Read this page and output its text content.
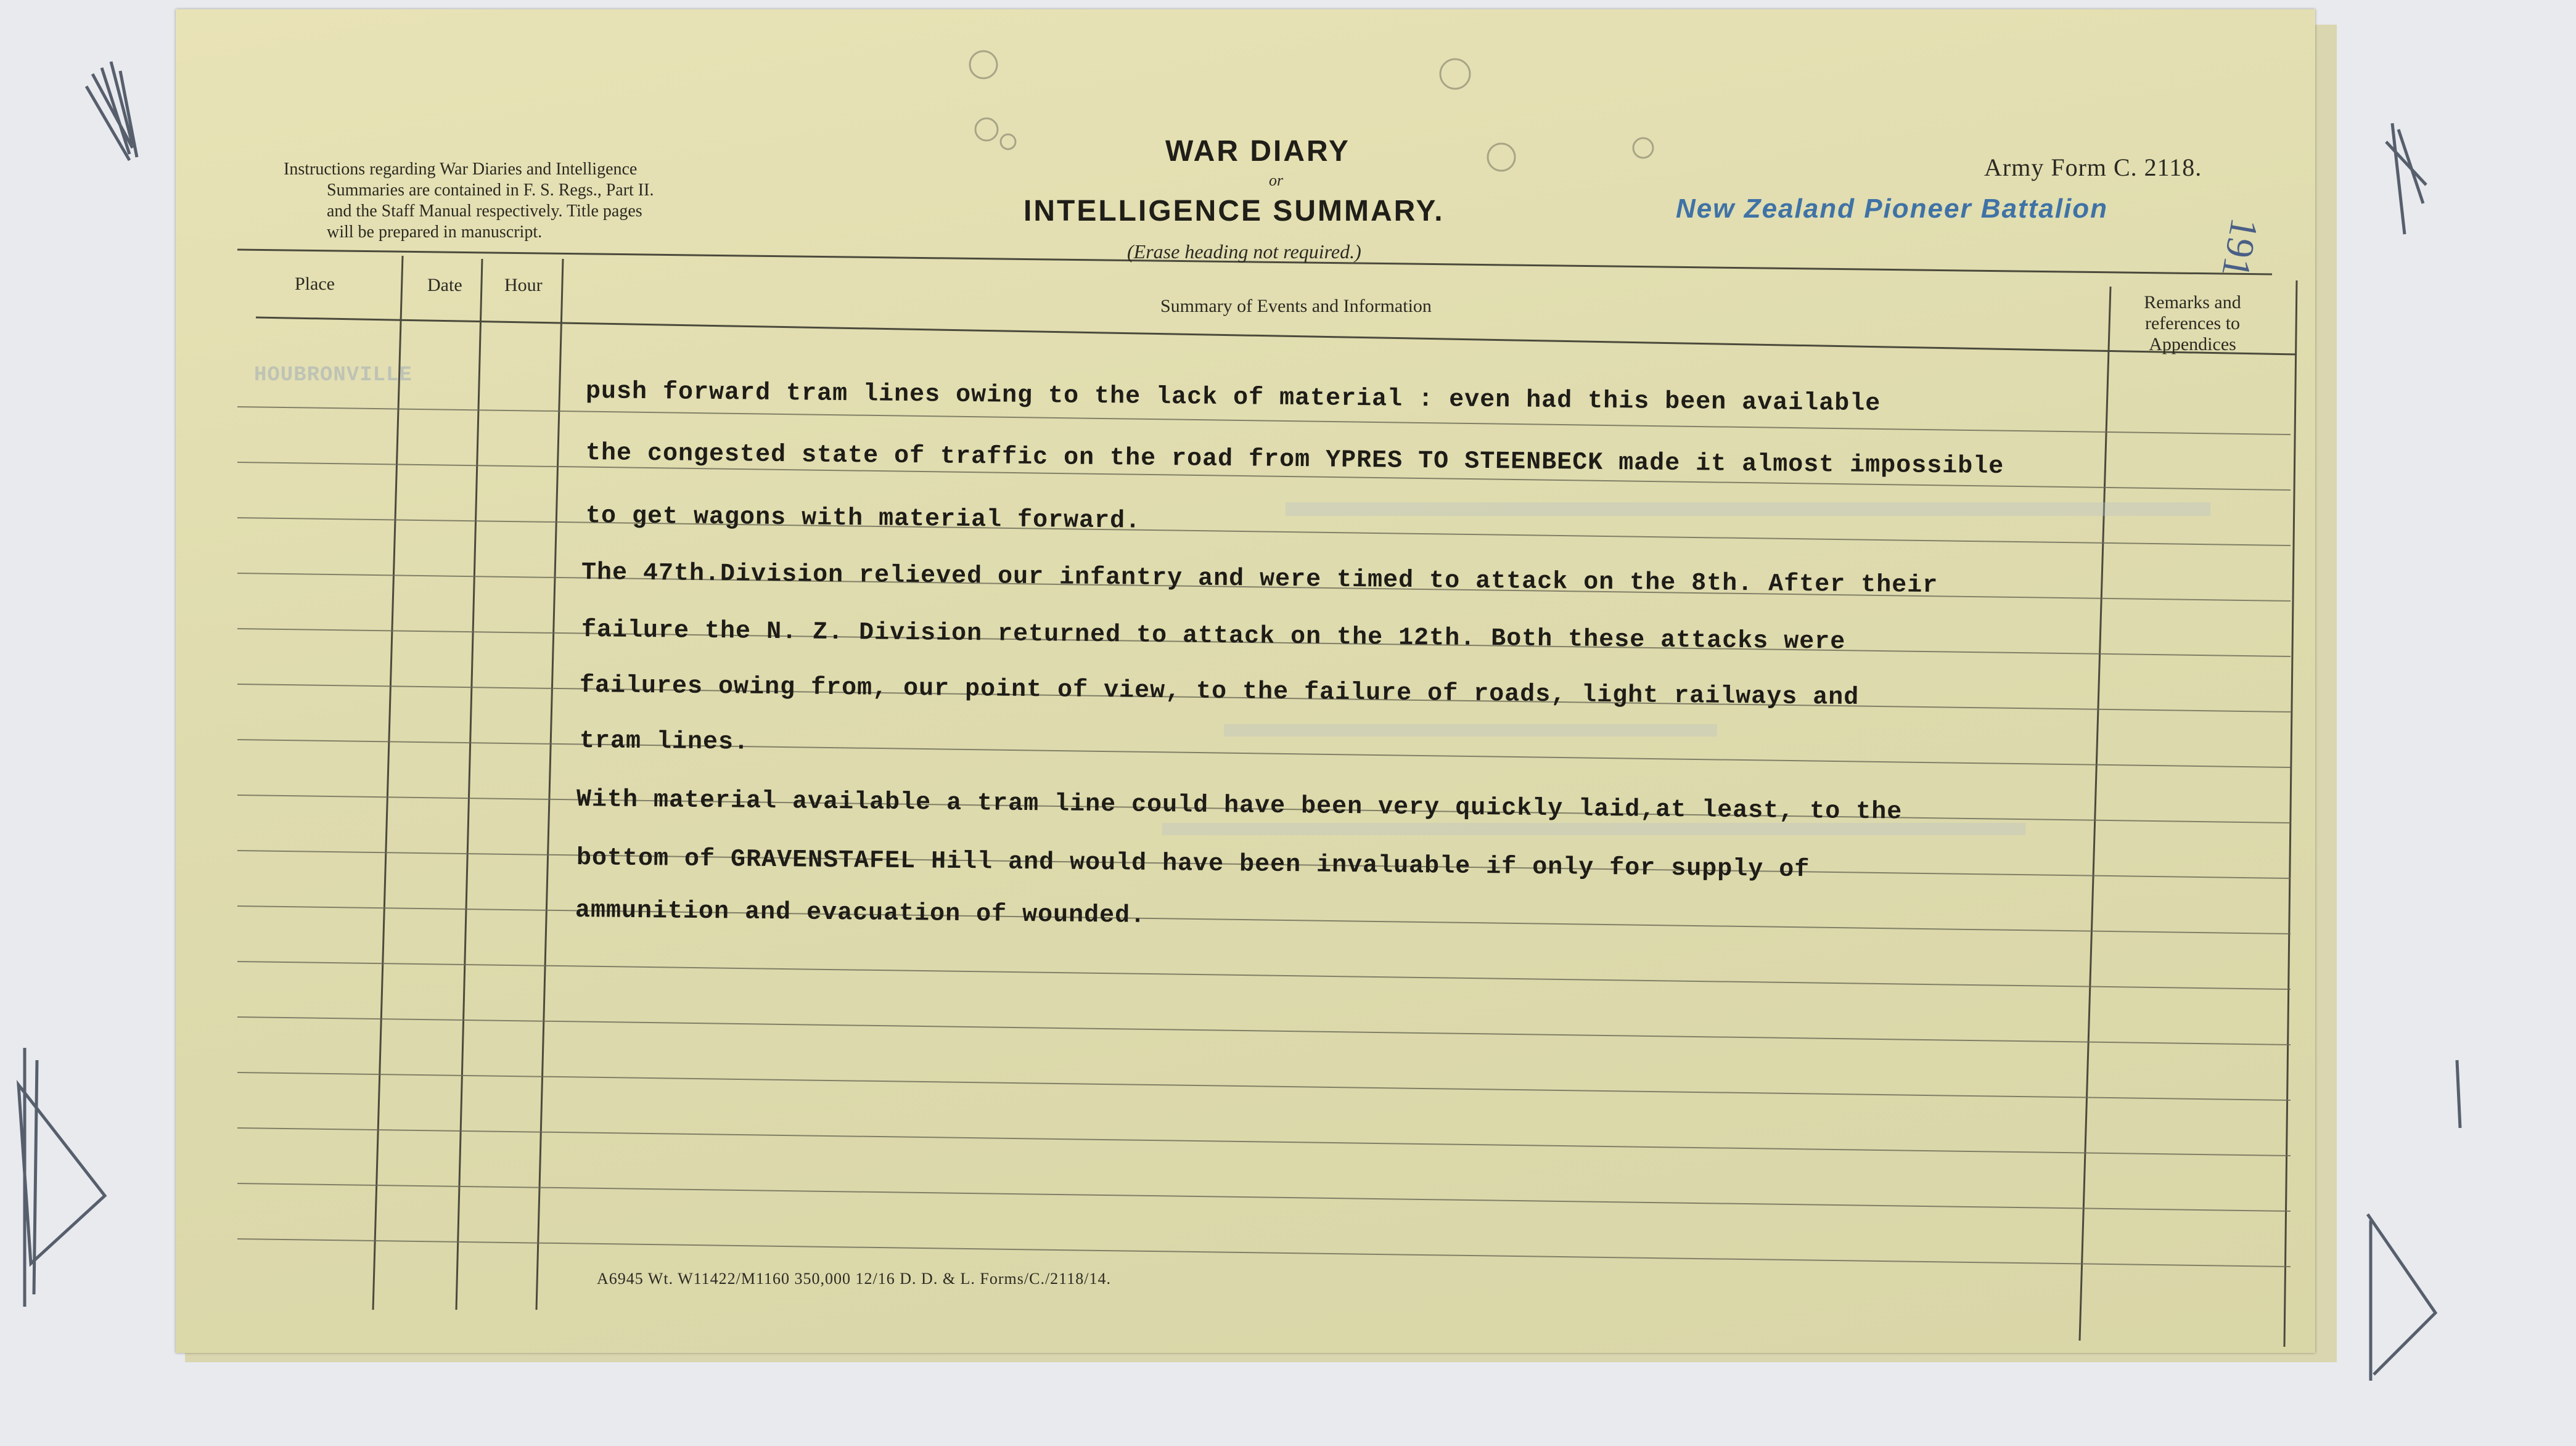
Instructions regarding War Diaries and Intelligence
Summaries are contained in F. S. Regs., Part II.
and the Staff Manual respectively. Title pages
will be prepared in manuscript.
WAR DIARY
or
INTELLIGENCE SUMMARY.
(Erase heading not required.)
Army Form C. 2118.
New Zealand Pioneer Battalion
191
Place	Date Hour
Summary of Events and Information	Remarks and references to Appendices
HOUBRONVILLE
push forward tram lines owing to the lack of material : even had this been available
the congested state of traffic on the road from YPRES TO STEENBECK made it almost impossible
to get wagons with material forward.
The 47th.Division relieved our infantry and were timed to attack on the 8th. After their
failure the N. Z. Division returned to attack on the 12th. Both these attacks were
failures owing from, our point of view, to the failure of roads, light railways and
tram lines.
With material available a tram line could have been very quickly laid,at least, to the
bottom of GRAVENSTAFEL Hill and would have been invaluable if only for supply of
ammunition and evacuation of wounded.
A6945 Wt. W11422/M1160 350,000 12/16 D. D. & L. Forms/C./2118/14.
